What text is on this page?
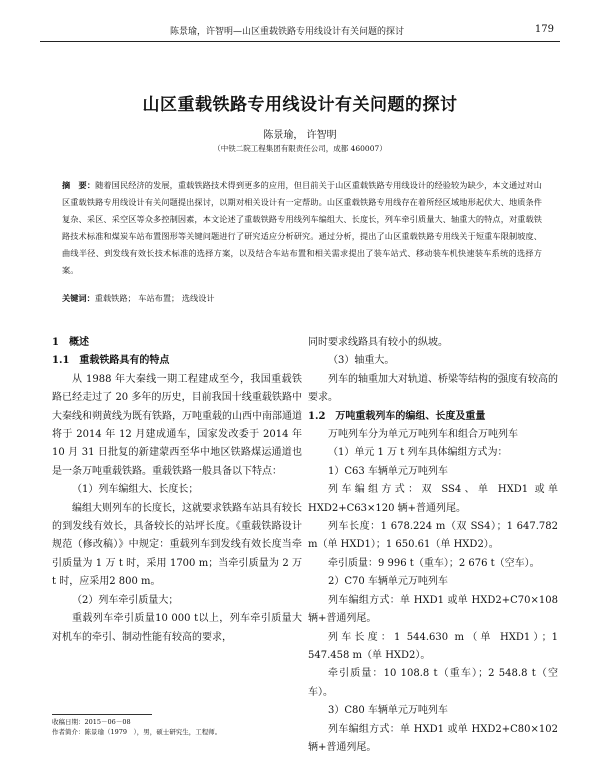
陈景瑜，许智明—山区重载铁路专用线设计有关问题的探讨	179
山区重载铁路专用线设计有关问题的探讨
陈景瑜， 许智明
（中铁二院工程集团有限责任公司，成都 460007）
摘　要：随着国民经济的发展，重载铁路技术得到更多的应用，但目前关于山区重载铁路专用线设计的经验较为缺少，本文通过对山区重载铁路专用线设计有关问题提出探讨，以期对相关设计有一定帮助。山区重载铁路专用线存在着所经区域地形起伏大、地质条件复杂、采区、采空区等众多控制因素，本文论述了重载铁路专用线列车编组大、长度长，列车牵引质量大、轴重大的特点，对重载铁路技术标准和煤炭车站布置图形等关键问题进行了研究适应分析研究。通过分析，提出了山区重载铁路专用线关于短重车限制坡度、曲线半径、到发线有效长技术标准的选择方案，以及结合车站布置和相关需求提出了装车站式、移动装车机快速装车系统的选择方案。
关键词：重载铁路； 车站布置； 选线设计

1　概述

1.1　重载铁路具有的特点

从 1988 年大秦线一期工程建成至今，我国重载铁路已经走过了 20 多年的历史，目前我国十线重载铁路中大秦线和朔黄线为既有铁路，万吨重载的山西中南部通道将于 2014 年 12 月建成通车，国家发改委于 2014 年 10 月 31 日批复的新建蒙西至华中地区铁路煤运通道也是一条万吨重载铁路。重载铁路一般具备以下特点：

（1）列车编组大、长度长；

编组大则列车的长度长，这就要求铁路车站具有较长的到发线有效长，具备较长的站坪长度。《重载铁路设计规范（修改稿）》中规定：重载列车到发线有效长度当牵引质量为 1 万 t 时，采用 1700 m；当牵引质量为 2 万 t 时，应采用2 800 m。

（2）列车牵引质量大；

重载列车牵引质量10 000 t以上，列车牵引质量大对机车的牵引、制动性能有较高的要求，

同时要求线路具有较小的纵坡。

（3）轴重大。

列车的轴重加大对轨道、桥梁等结构的强度有较高的要求。

1.2　万吨重载列车的编组、长度及重量

万吨列车分为单元万吨列车和组合万吨列车

（1）单元 1 万 t 列车具体编组方式为：

1）C63 车辆单元万吨列车

列车编组方式：双 SS4、单 HXD1 或单 HXD2+C63×120 辆+普通列尾。

列车长度：1 678.224 m（双 SS4）；1 647.782 m（单 HXD1）；1 650.61（单 HXD2）。

牵引质量：9 996 t（重车）；2 676 t（空车）。

2）C70 车辆单元万吨列车

列车编组方式：单 HXD1 或单 HXD2+C70×108 辆+普通列尾。

列车长度：1 544.630 m（单 HXD1）；1 547.458 m（单 HXD2）。

牵引质量：10 108.8 t（重车）；2 548.8 t（空车）。

3）C80 车辆单元万吨列车

列车编组方式：单 HXD1 或单 HXD2+C80×102 辆+普通列尾。

收稿日期：2015－06－08
作者简介：陈景瑜（1979　），男，硕士研究生，工程师。
